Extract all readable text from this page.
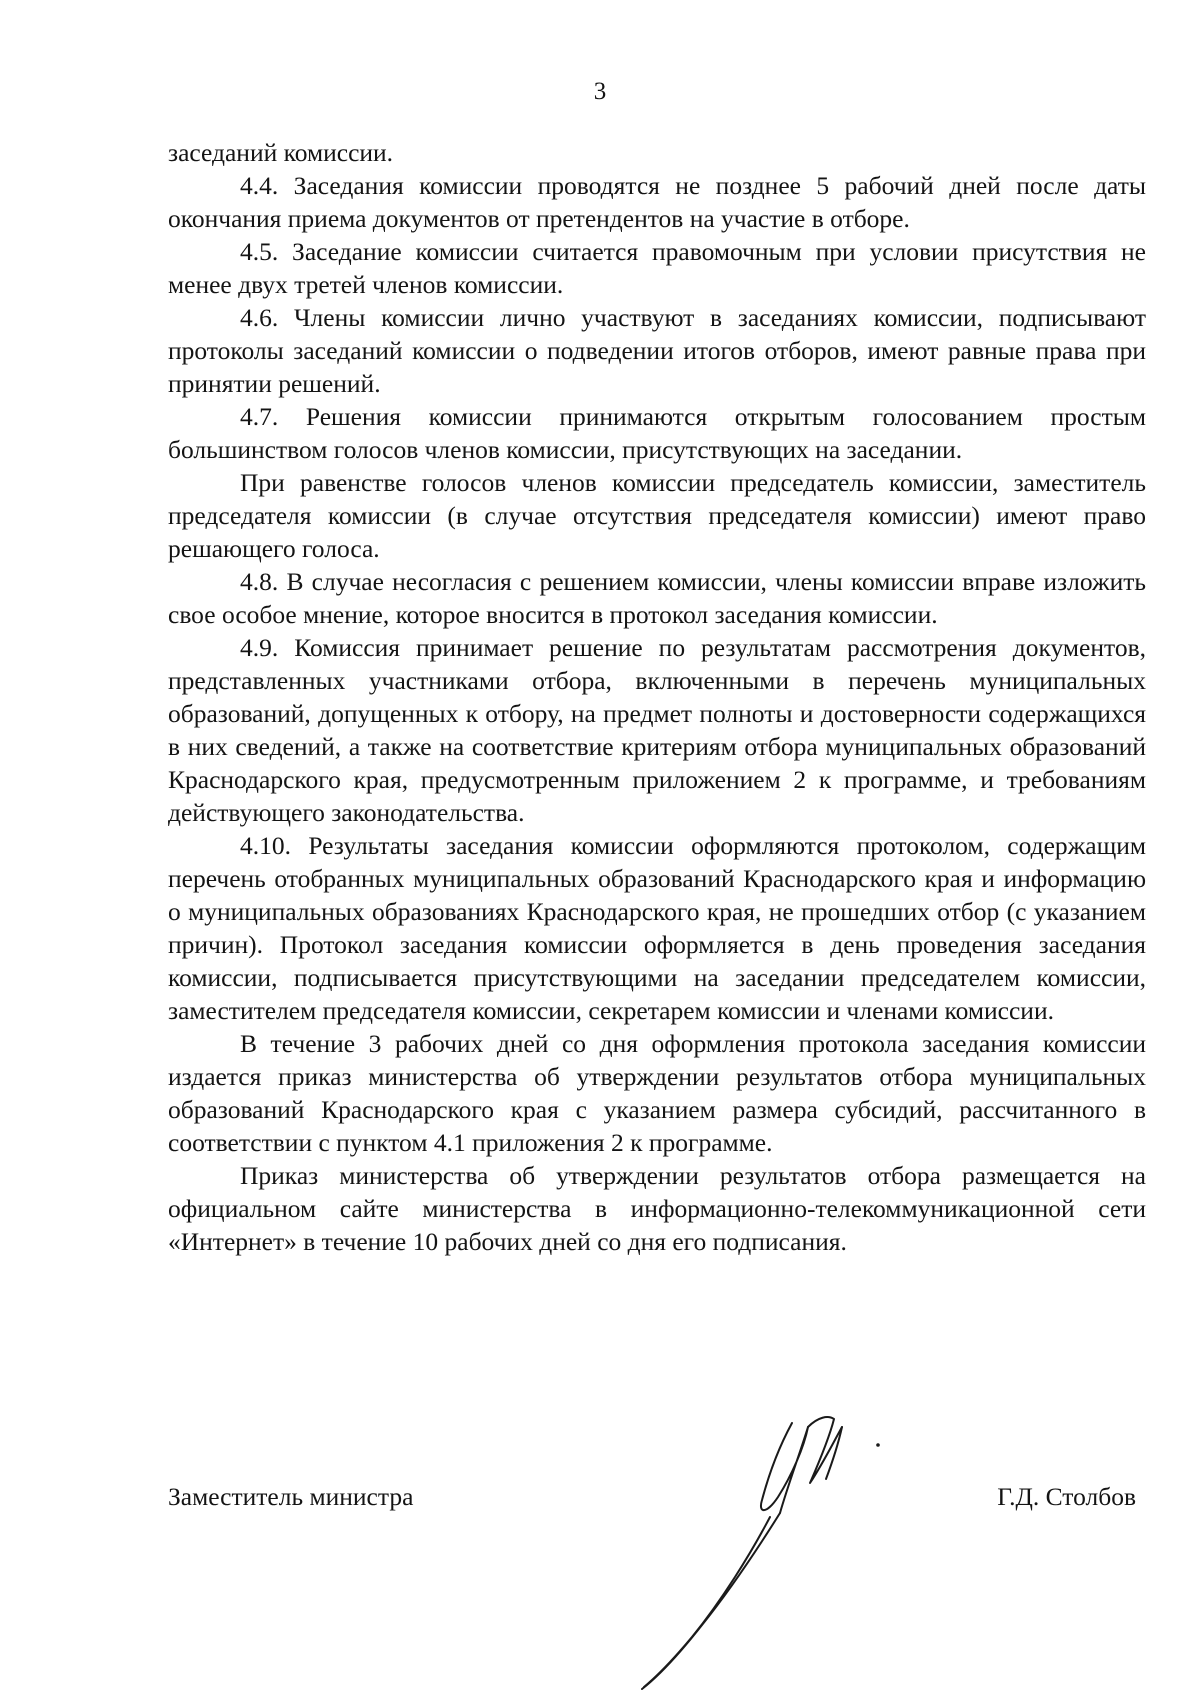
3

заседаний комиссии.

4.4. Заседания комиссии проводятся не позднее 5 рабочий дней после даты окончания приема документов от претендентов на участие в отборе.

4.5. Заседание комиссии считается правомочным при условии присутствия не менее двух третей членов комиссии.

4.6. Члены комиссии лично участвуют в заседаниях комиссии, подписывают протоколы заседаний комиссии о подведении итогов отборов, имеют равные права при принятии решений.

4.7. Решения комиссии принимаются открытым голосованием простым большинством голосов членов комиссии, присутствующих на заседании.

При равенстве голосов членов комиссии председатель комиссии, заместитель председателя комиссии (в случае отсутствия председателя комиссии) имеют право решающего голоса.

4.8. В случае несогласия с решением комиссии, члены комиссии вправе изложить свое особое мнение, которое вносится в протокол заседания комиссии.

4.9. Комиссия принимает решение по результатам рассмотрения документов, представленных участниками отбора, включенными в перечень муниципальных образований, допущенных к отбору, на предмет полноты и достоверности содержащихся в них сведений, а также на соответствие критериям отбора муниципальных образований Краснодарского края, предусмотренным приложением 2 к программе, и требованиям действующего законодательства.

4.10. Результаты заседания комиссии оформляются протоколом, содержащим перечень отобранных муниципальных образований Краснодарского края и информацию о муниципальных образованиях Краснодарского края, не прошедших отбор (с указанием причин). Протокол заседания комиссии оформляется в день проведения заседания комиссии, подписывается присутствующими на заседании председателем комиссии, заместителем председателя комиссии, секретарем комиссии и членами комиссии.

В течение 3 рабочих дней со дня оформления протокола заседания комиссии издается приказ министерства об утверждении результатов отбора муниципальных образований Краснодарского края с указанием размера субсидий, рассчитанного в соответствии с пунктом 4.1 приложения 2 к программе.

Приказ министерства об утверждении результатов отбора размещается на официальном сайте министерства в информационно-телекоммуникационной сети «Интернет» в течение 10 рабочих дней со дня его подписания.

Заместитель министра	Г.Д. Столбов
